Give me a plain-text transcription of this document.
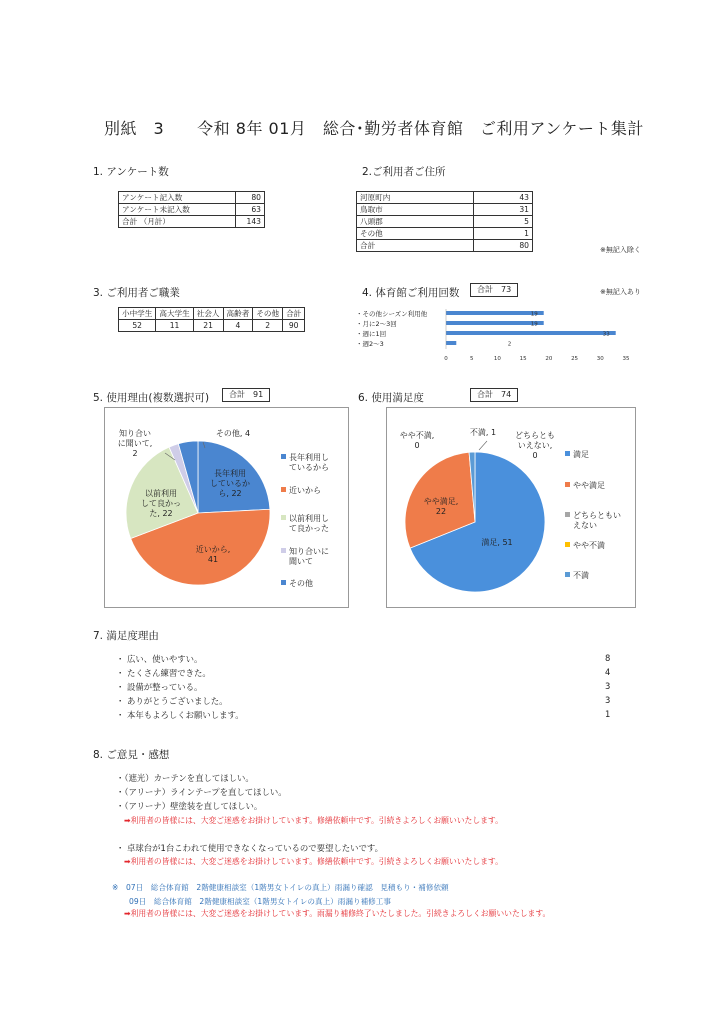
別紙　3　　令和 8年 01月　総合･勤労者体育館　ご利用アンケート集計
1. アンケート数
アンケート記入数	80
アンケート未記入数	63
合計 （月計）	143
2.ご利用者ご住所
河原町内	43
鳥取市	31
八頭郡	5
その他	1
合計	80	※無記入除く
3. ご利用者ご職業
小中学生	高大学生	社会人	高齢者	その他	合計
52	11	21	4	2	90
4. 体育館ご利用回数	合計　 73	※無記入あり
・その他シーズン利用他	19
・月に2～3回	19
・週に1回	33
・週2～3	2
0	5	10	15	20	25	30	35
5. 使用理由(複数選択可)	合計　 91
長年利用しているから, 22
近いから, 41
以前利用して良かった, 22
知り合いに聞いて, 2
その他, 4
長年利用しているから
近いから
以前利用して良かった
知り合いに聞いて
その他
6. 使用満足度	合計　 74
満足, 51
やや満足, 22
どちらともいえない, 0
やや不満, 0
不満, 1
満足
やや満足
どちらともいえない
やや不満
不満
7. 満足度理由
・ 広い、使いやすい。	8
・ たくさん練習できた。	4
・ 設備が整っている。	3
・ ありがとうございました。	3
・ 本年もよろしくお願いします。	1
8. ご意見・感想
・（遮光）カーテンを直してほしい。
・（アリーナ）ラインテープを直してほしい。
・（アリーナ）壁塗装を直してほしい。
➡利用者の皆様には、大変ご迷惑をお掛けしています。修繕依頼中です。引続きよろしくお願いいたします。
・ 卓球台が1台こわれて使用できなくなっているので要望したいです。
➡利用者の皆様には、大変ご迷惑をお掛けしています。修繕依頼中です。引続きよろしくお願いいたします。
※　07日　総合体育館　2階健康相談室（1階男女トイレの真上）雨漏り確認　見積もり・補修依頼
09日　総合体育館　2階健康相談室（1階男女トイレの真上）雨漏り補修工事
➡利用者の皆様には、大変ご迷惑をお掛けしています。雨漏り補修終了いたしました。引続きよろしくお願いいたします。
